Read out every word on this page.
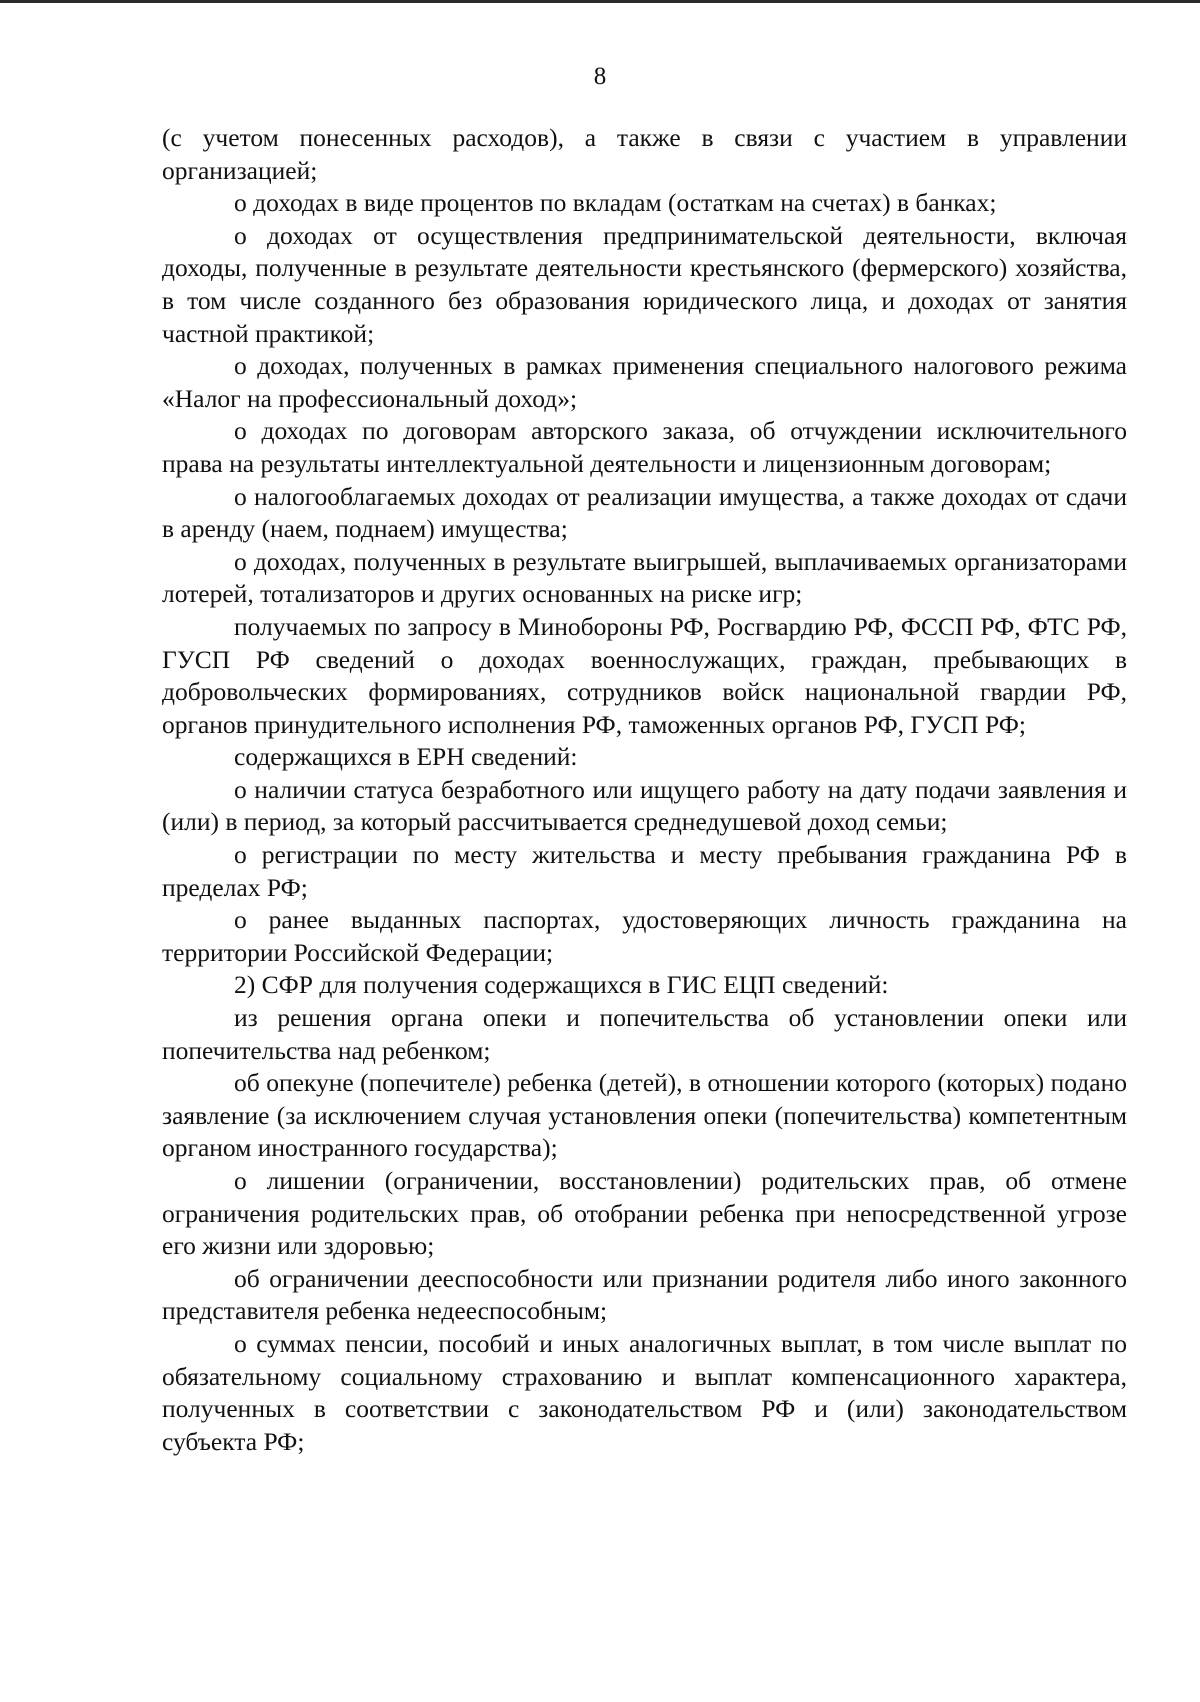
8

(с учетом понесенных расходов), а также в связи с участием в управлении организацией;

о доходах в виде процентов по вкладам (остаткам на счетах) в банках;

о доходах от осуществления предпринимательской деятельности, включая доходы, полученные в результате деятельности крестьянского (фермерского) хозяйства, в том числе созданного без образования юридического лица, и доходах от занятия частной практикой;

о доходах, полученных в рамках применения специального налогового режима «Налог на профессиональный доход»;

о доходах по договорам авторского заказа, об отчуждении исключительного права на результаты интеллектуальной деятельности и лицензионным договорам;

о налогооблагаемых доходах от реализации имущества, а также доходах от сдачи в аренду (наем, поднаем) имущества;

о доходах, полученных в результате выигрышей, выплачиваемых организаторами лотерей, тотализаторов и других основанных на риске игр;

получаемых по запросу в Минобороны РФ, Росгвардию РФ, ФССП РФ, ФТС РФ, ГУСП РФ сведений о доходах военнослужащих, граждан, пребывающих в добровольческих формированиях, сотрудников войск национальной гвардии РФ, органов принудительного исполнения РФ, таможенных органов РФ, ГУСП РФ;

содержащихся в ЕРН сведений:

о наличии статуса безработного или ищущего работу на дату подачи заявления и (или) в период, за который рассчитывается среднедушевой доход семьи;

о регистрации по месту жительства и месту пребывания гражданина РФ в пределах РФ;

о ранее выданных паспортах, удостоверяющих личность гражданина на территории Российской Федерации;

2) СФР для получения содержащихся в ГИС ЕЦП сведений:

из решения органа опеки и попечительства об установлении опеки или попечительства над ребенком;

об опекуне (попечителе) ребенка (детей), в отношении которого (которых) подано заявление (за исключением случая установления опеки (попечительства) компетентным органом иностранного государства);

о лишении (ограничении, восстановлении) родительских прав, об отмене ограничения родительских прав, об отобрании ребенка при непосредственной угрозе его жизни или здоровью;

об ограничении дееспособности или признании родителя либо иного законного представителя ребенка недееспособным;

о суммах пенсии, пособий и иных аналогичных выплат, в том числе выплат по обязательному социальному страхованию и выплат компенсационного характера, полученных в соответствии с законодательством РФ и (или) законодательством субъекта РФ;
